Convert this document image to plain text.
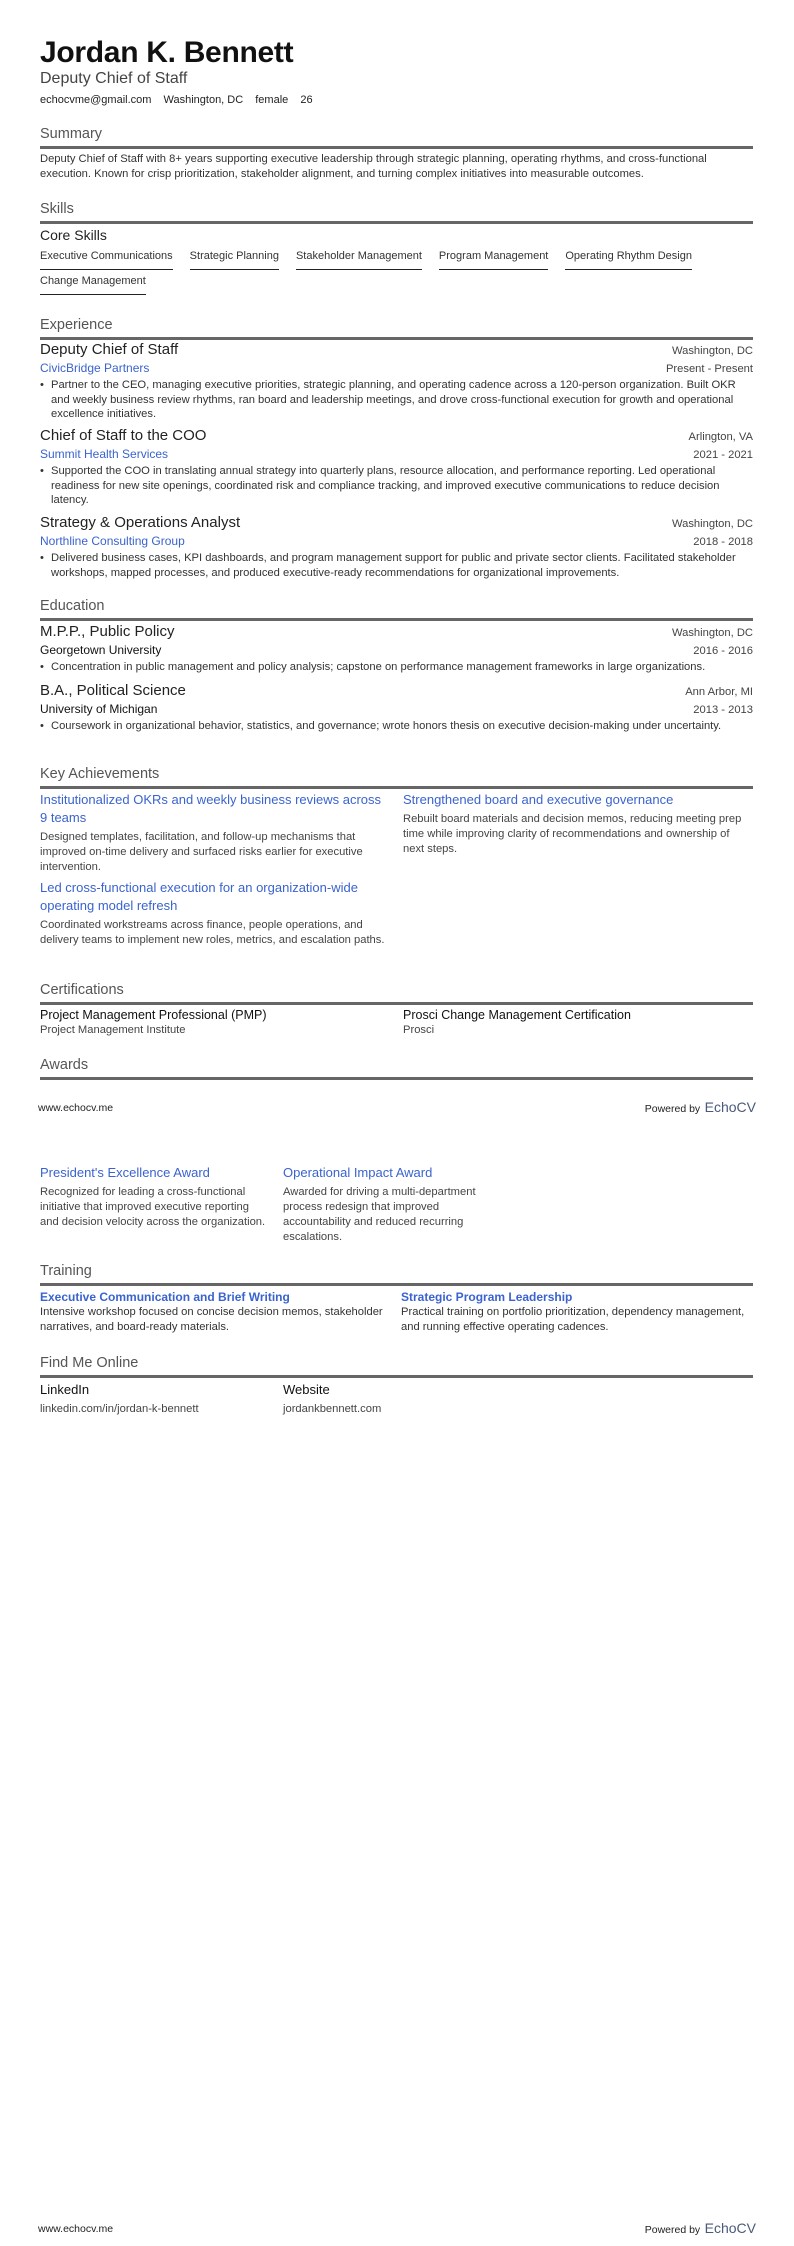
Jordan K. Bennett
Deputy Chief of Staff
echocvme@gmail.com Washington, DC female 26
Summary
Deputy Chief of Staff with 8+ years supporting executive leadership through strategic planning, operating rhythms, and cross-functional execution. Known for crisp prioritization, stakeholder alignment, and turning complex initiatives into measurable outcomes.
Skills
Core Skills
Executive Communications Strategic Planning Stakeholder Management Program Management Operating Rhythm Design
Change Management
Experience
Deputy Chief of Staff	Washington, DC
CivicBridge Partners	Present - Present
• Partner to the CEO, managing executive priorities, strategic planning, and operating cadence across a 120-person organization. Built OKR and weekly business review rhythms, ran board and leadership meetings, and drove cross-functional execution for growth and operational excellence initiatives.
Chief of Staff to the COO	Arlington, VA
Summit Health Services	2021 - 2021
• Supported the COO in translating annual strategy into quarterly plans, resource allocation, and performance reporting. Led operational readiness for new site openings, coordinated risk and compliance tracking, and improved executive communications to reduce decision latency.
Strategy & Operations Analyst	Washington, DC
Northline Consulting Group	2018 - 2018
• Delivered business cases, KPI dashboards, and program management support for public and private sector clients. Facilitated stakeholder workshops, mapped processes, and produced executive-ready recommendations for organizational improvements.
Education
M.P.P., Public Policy	Washington, DC
Georgetown University	2016 - 2016
• Concentration in public management and policy analysis; capstone on performance management frameworks in large organizations.
B.A., Political Science	Ann Arbor, MI
University of Michigan	2013 - 2013
• Coursework in organizational behavior, statistics, and governance; wrote honors thesis on executive decision-making under uncertainty.
Key Achievements
Institutionalized OKRs and weekly business reviews across 9 teams
Designed templates, facilitation, and follow-up mechanisms that improved on-time delivery and surfaced risks earlier for executive intervention.
Strengthened board and executive governance
Rebuilt board materials and decision memos, reducing meeting prep time while improving clarity of recommendations and ownership of next steps.
Led cross-functional execution for an organization-wide operating model refresh
Coordinated workstreams across finance, people operations, and delivery teams to implement new roles, metrics, and escalation paths.
Certifications
Project Management Professional (PMP)
Project Management Institute
Prosci Change Management Certification
Prosci
Awards
www.echocv.me	Powered by EchoCV
President's Excellence Award
Recognized for leading a cross-functional initiative that improved executive reporting and decision velocity across the organization.
Operational Impact Award
Awarded for driving a multi-department process redesign that improved accountability and reduced recurring escalations.
Training
Executive Communication and Brief Writing
Intensive workshop focused on concise decision memos, stakeholder narratives, and board-ready materials.
Strategic Program Leadership
Practical training on portfolio prioritization, dependency management, and running effective operating cadences.
Find Me Online
LinkedIn
linkedin.com/in/jordan-k-bennett
Website
jordankbennett.com
www.echocv.me	Powered by EchoCV
